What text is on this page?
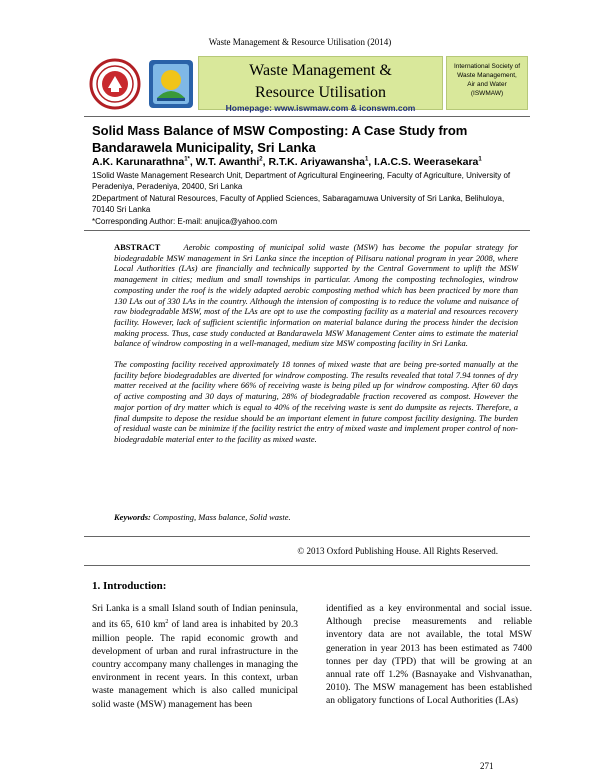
Waste Management & Resource Utilisation (2014)
Waste Management &
Resource Utilisation
Homepage: www.iswmaw.com & iconswm.com
International Society of
Waste Management,
Air and Water
(ISWMAW)
Solid Mass Balance of MSW Composting: A Case Study from Bandarawela Municipality, Sri Lanka
A.K. Karunarathna$^{1*}$, W.T. Awanthi$^2$, R.T.K. Ariyawansha$^1$, I.A.C.S. Weerasekara$^1$
1Solid Waste Management Research Unit, Department of Agricultural Engineering, Faculty of Agriculture, University of Peradeniya, Peradeniya, 20400, Sri Lanka
2Department of Natural Resources, Faculty of Applied Sciences, Sabaragamuwa University of Sri Lanka, Belihuloya, 70140 Sri Lanka
*Corresponding Author: E-mail: anujica@yahoo.com

ABSTRACT	Aerobic composting of municipal solid waste (MSW) has become the popular strategy for biodegradable MSW management in Sri Lanka since the inception of Pilisaru national program in year 2008, where Local Authorities (LAs) are financially and technically supported by the Central Government to uplift the MSW management in cities; medium and small townships in particular. Among the composting technologies, windrow composting under the roof is the widely adapted aerobic composting method which has been practiced by more than 130 LAs out of 330 LAs in the country. Although the intension of composting is to reduce the volume and nuisance of raw biodegradable MSW, most of the LAs are opt to use the composting facility as a material and resources recovery facility. However, lack of sufficient scientific information on material balance during the process hinder the decision making process. Thus, case study conducted at Bandarawela MSW Management Center aims to estimate the material balance of windrow composting in a well-managed, medium size MSW composting facility in Sri Lanka.

The composting facility received approximately 18 tonnes of mixed waste that are being pre-sorted manually at the facility before biodegradables are diverted for windrow composting. The results revealed that total 7.94 tonnes of dry matter received at the facility where 66% of receiving waste is being piled up for windrow composting. After 60 days of active composting and 30 days of maturing, 28% of biodegradable fraction recovered as compost. However the major portion of dry matter which is equal to 40% of the receiving waste is sent do dumpsite as rejects. Therefore, a final dumpsite to depose the residue should be an important element in future compost facility designing. The burden of residual waste can be minimize if the facility restrict the entry of mixed waste and implement proper control of non-biodegradable material enter to the facility as mixed waste.

Keywords: Composting, Mass balance, Solid waste.
© 2013 Oxford Publishing House. All Rights Reserved.
1. Introduction:
Sri Lanka is a small Island south of Indian peninsula, and its 65, 610 $km^2$ of land area is inhabited by 20.3 million people. The rapid economic growth and development of urban and rural infrastructure in the country accompany many challenges in managing the environment in recent years. In this context, urban waste management which is also called municipal solid waste (MSW) management has been
identified as a key environmental and social issue. Although precise measurements and reliable inventory data are not available, the total MSW generation in year 2013 has been estimated as 7400 tonnes per day (TPD) that will be growing at an annual rate off 1.2% (Basnayake and Vishvanathan, 2010). The MSW management has been established an obligatory functions of Local Authorities (LAs)
271
